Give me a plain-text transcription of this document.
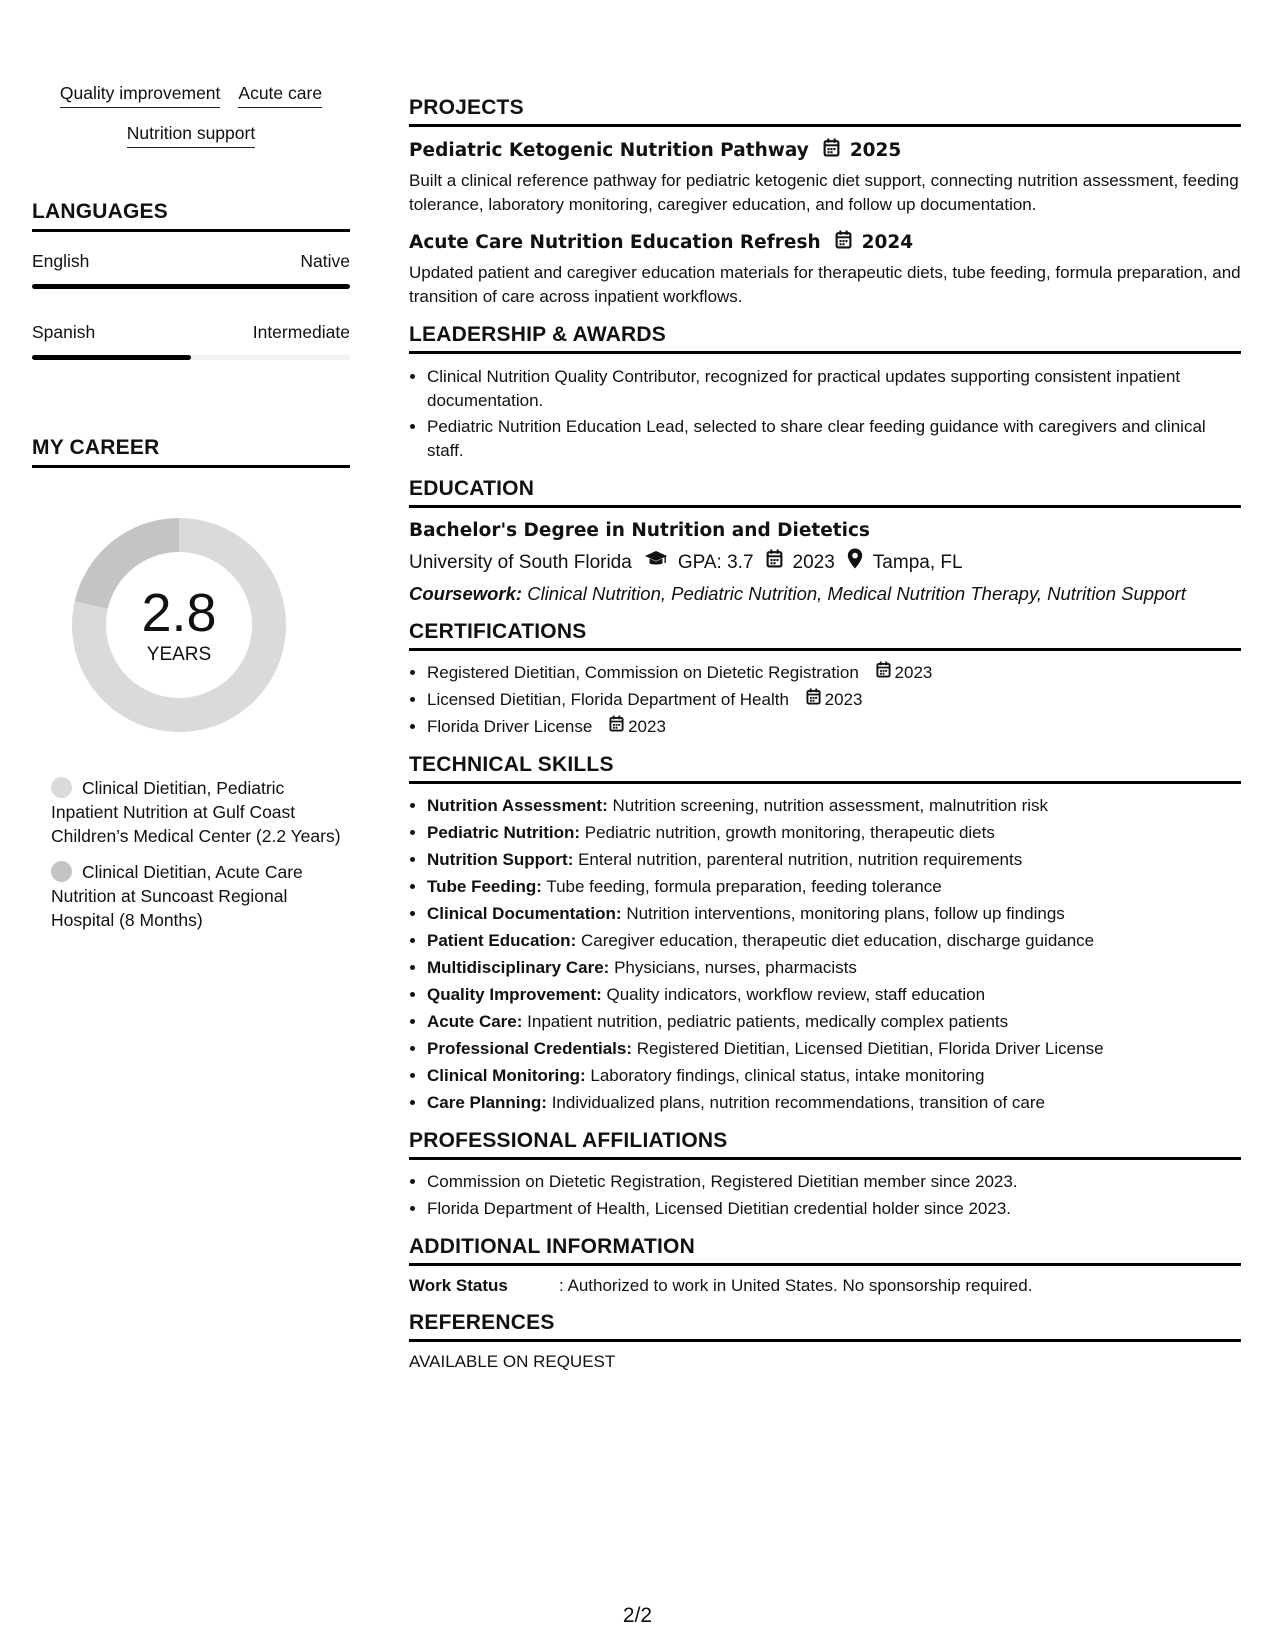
Quality improvement Acute care
Nutrition support
LANGUAGES
English	Native
Spanish	Intermediate
MY CAREER
2.8
YEARS
Clinical Dietitian, Pediatric Inpatient Nutrition at Gulf Coast Children’s Medical Center (2.2 Years)
Clinical Dietitian, Acute Care Nutrition at Suncoast Regional Hospital (8 Months)
PROJECTS
Pediatric Ketogenic Nutrition Pathway 2025
Built a clinical reference pathway for pediatric ketogenic diet support, connecting nutrition assessment, feeding tolerance, laboratory monitoring, caregiver education, and follow up documentation.
Acute Care Nutrition Education Refresh 2024
Updated patient and caregiver education materials for therapeutic diets, tube feeding, formula preparation, and transition of care across inpatient workflows.
LEADERSHIP & AWARDS
• Clinical Nutrition Quality Contributor, recognized for practical updates supporting consistent inpatient documentation.
• Pediatric Nutrition Education Lead, selected to share clear feeding guidance with caregivers and clinical staff.
EDUCATION
Bachelor's Degree in Nutrition and Dietetics
University of South Florida GPA: 3.7 2023 Tampa, FL
Coursework: Clinical Nutrition, Pediatric Nutrition, Medical Nutrition Therapy, Nutrition Support
CERTIFICATIONS
• Registered Dietitian, Commission on Dietetic Registration 2023
• Licensed Dietitian, Florida Department of Health 2023
• Florida Driver License 2023
TECHNICAL SKILLS
• Nutrition Assessment: Nutrition screening, nutrition assessment, malnutrition risk
• Pediatric Nutrition: Pediatric nutrition, growth monitoring, therapeutic diets
• Nutrition Support: Enteral nutrition, parenteral nutrition, nutrition requirements
• Tube Feeding: Tube feeding, formula preparation, feeding tolerance
• Clinical Documentation: Nutrition interventions, monitoring plans, follow up findings
• Patient Education: Caregiver education, therapeutic diet education, discharge guidance
• Multidisciplinary Care: Physicians, nurses, pharmacists
• Quality Improvement: Quality indicators, workflow review, staff education
• Acute Care: Inpatient nutrition, pediatric patients, medically complex patients
• Professional Credentials: Registered Dietitian, Licensed Dietitian, Florida Driver License
• Clinical Monitoring: Laboratory findings, clinical status, intake monitoring
• Care Planning: Individualized plans, nutrition recommendations, transition of care
PROFESSIONAL AFFILIATIONS
• Commission on Dietetic Registration, Registered Dietitian member since 2023.
• Florida Department of Health, Licensed Dietitian credential holder since 2023.
ADDITIONAL INFORMATION
Work Status	: Authorized to work in United States. No sponsorship required.
REFERENCES
AVAILABLE ON REQUEST
2/2
